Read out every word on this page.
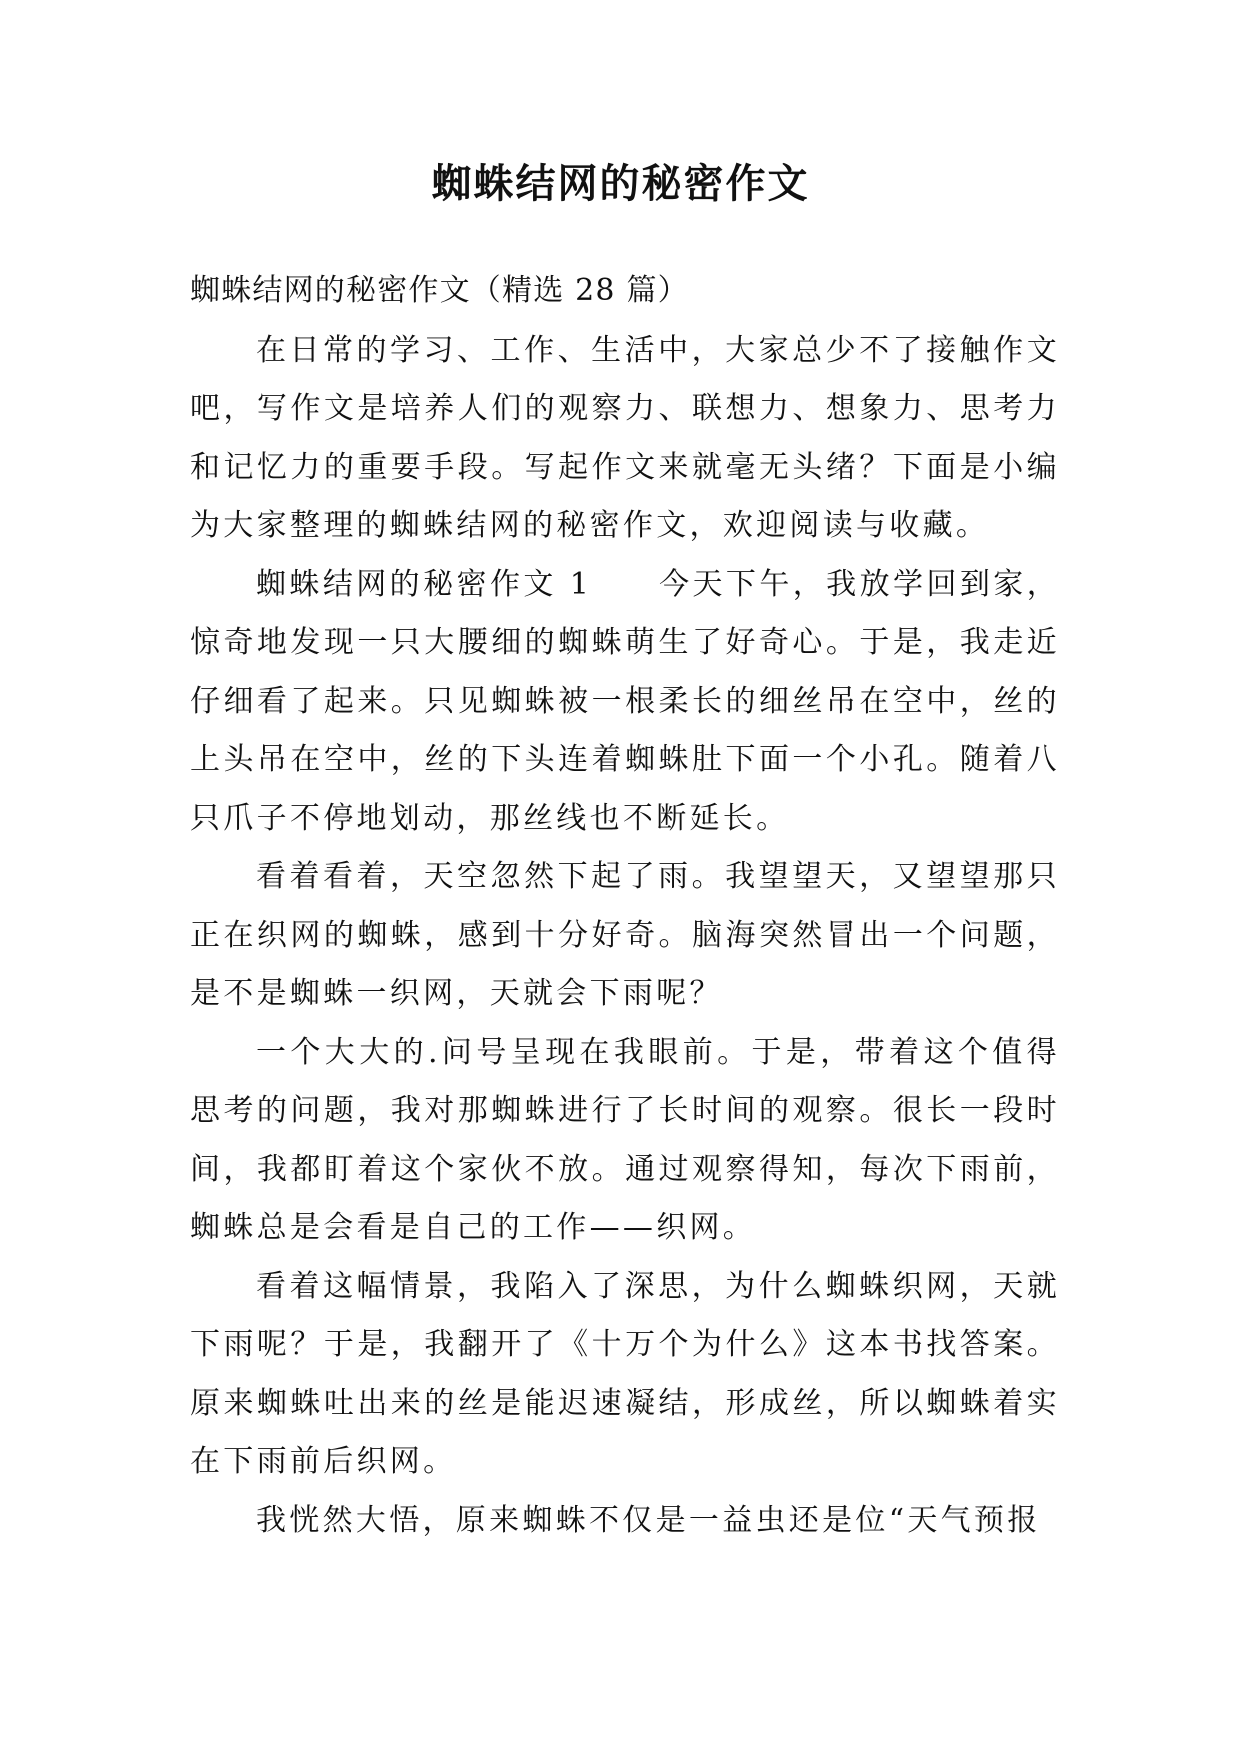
蜘蛛结网的秘密作文

蜘蛛结网的秘密作文（精选 28 篇）

在日常的学习、工作、生活中，大家总少不了接触作文吧，写作文是培养人们的观察力、联想力、想象力、思考力和记忆力的重要手段。写起作文来就毫无头绪？下面是小编为大家整理的蜘蛛结网的秘密作文，欢迎阅读与收藏。

蜘蛛结网的秘密作文 1　　今天下午，我放学回到家，惊奇地发现一只大腰细的蜘蛛萌生了好奇心。于是，我走近仔细看了起来。只见蜘蛛被一根柔长的细丝吊在空中，丝的上头吊在空中，丝的下头连着蜘蛛肚下面一个小孔。随着八只爪子不停地划动，那丝线也不断延长。

看着看着，天空忽然下起了雨。我望望天，又望望那只正在织网的蜘蛛，感到十分好奇。脑海突然冒出一个问题，是不是蜘蛛一织网，天就会下雨呢？

一个大大的.问号呈现在我眼前。于是，带着这个值得思考的问题，我对那蜘蛛进行了长时间的观察。很长一段时间，我都盯着这个家伙不放。通过观察得知，每次下雨前，蜘蛛总是会看是自己的工作——织网。

看着这幅情景，我陷入了深思，为什么蜘蛛织网，天就下雨呢？于是，我翻开了《十万个为什么》这本书找答案。原来蜘蛛吐出来的丝是能迟速凝结，形成丝，所以蜘蛛着实在下雨前后织网。

我恍然大悟，原来蜘蛛不仅是一益虫还是位“天气预报
